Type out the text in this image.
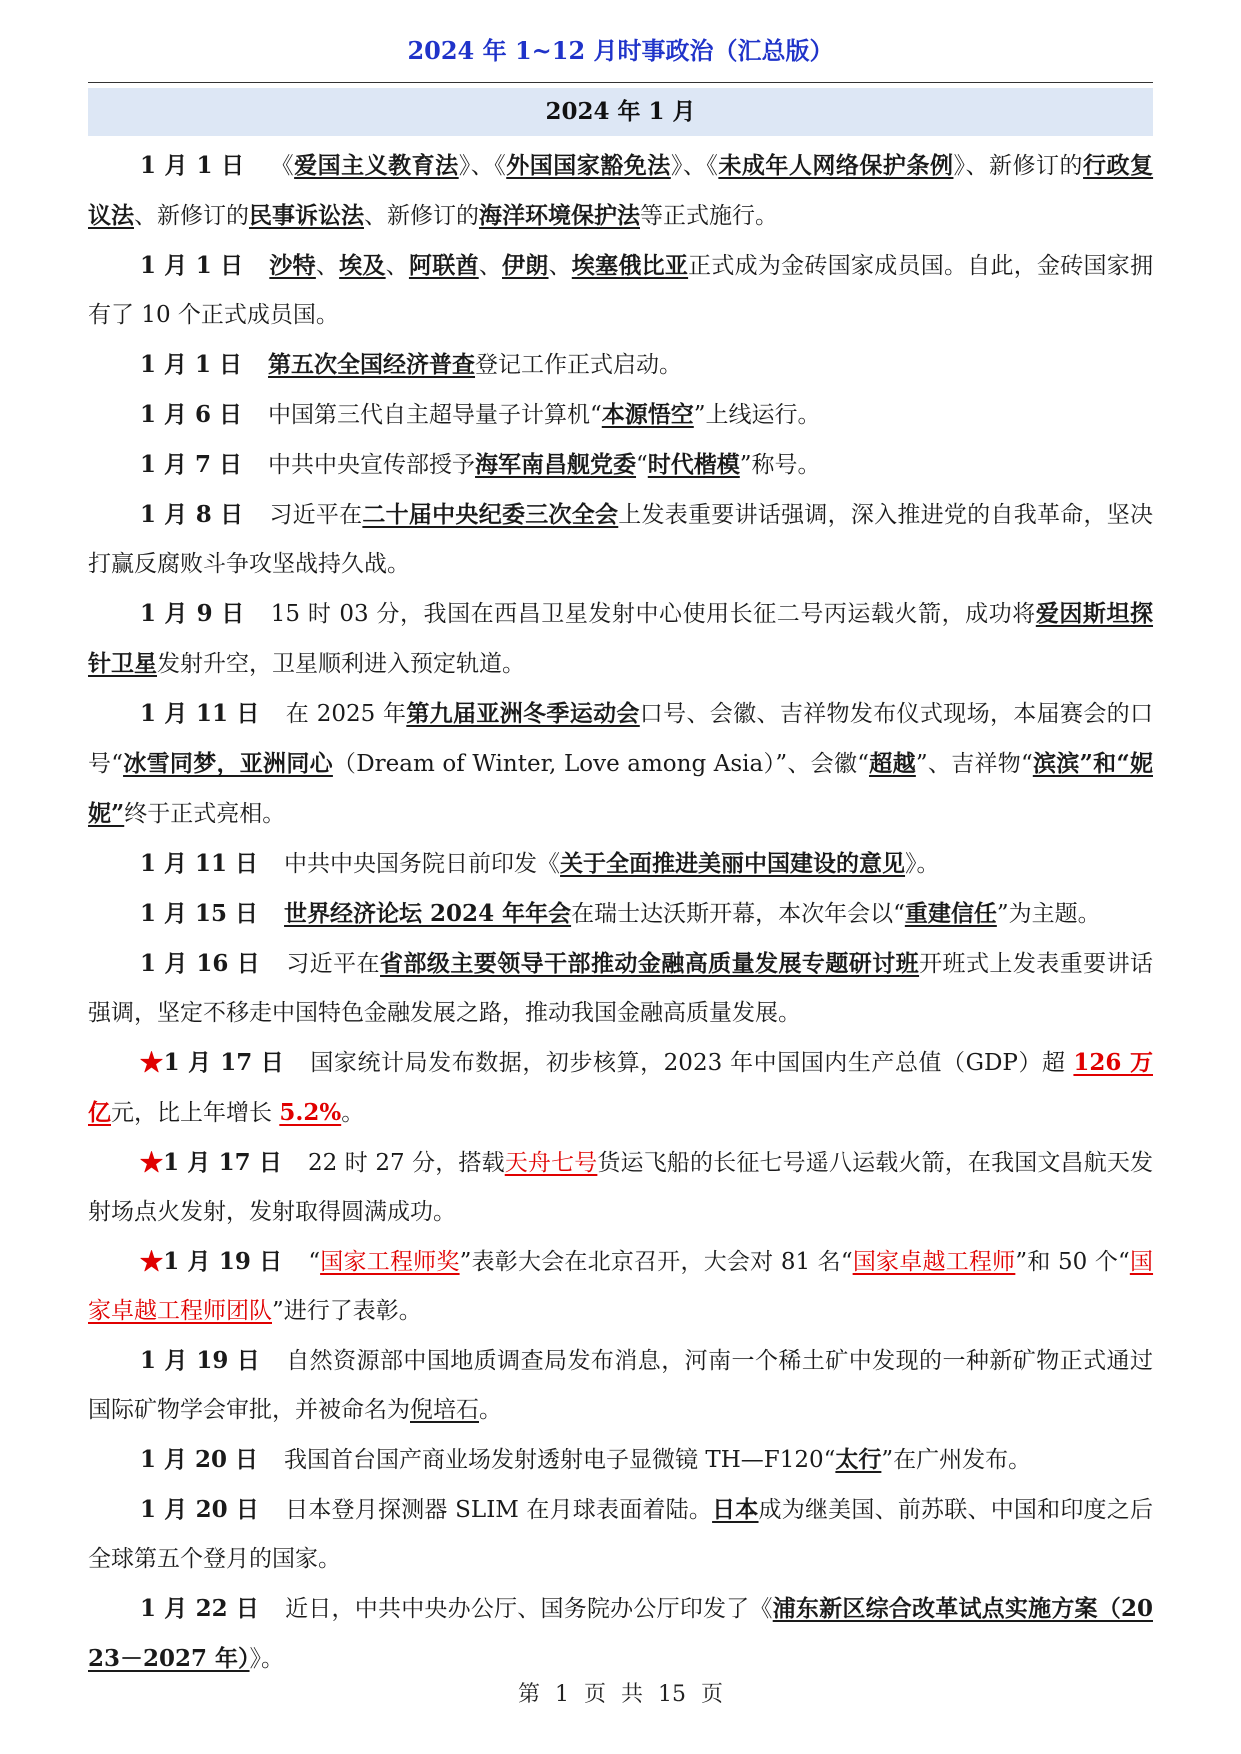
2024 年 1~12 月时事政治（汇总版）
2024 年 1 月

1 月 1 日 《爱国主义教育法》、《外国国家豁免法》、《未成年人网络保护条例》、新修订的行政复议法、新修订的民事诉讼法、新修订的海洋环境保护法等正式施行。

1 月 1 日 沙特、埃及、阿联酋、伊朗、埃塞俄比亚正式成为金砖国家成员国。自此，金砖国家拥有了 10 个正式成员国。

1 月 1 日 第五次全国经济普查登记工作正式启动。

1 月 6 日 中国第三代自主超导量子计算机“本源悟空”上线运行。

1 月 7 日 中共中央宣传部授予海军南昌舰党委“时代楷模”称号。

1 月 8 日 习近平在二十届中央纪委三次全会上发表重要讲话强调，深入推进党的自我革命，坚决打赢反腐败斗争攻坚战持久战。

1 月 9 日 15 时 03 分，我国在西昌卫星发射中心使用长征二号丙运载火箭，成功将爱因斯坦探针卫星发射升空，卫星顺利进入预定轨道。

1 月 11 日 在 2025 年第九届亚洲冬季运动会口号、会徽、吉祥物发布仪式现场，本届赛会的口号“冰雪同梦，亚洲同心（Dream of Winter, Love among Asia）”、会徽“超越”、吉祥物“滨滨”和“妮妮”终于正式亮相。

1 月 11 日 中共中央国务院日前印发《关于全面推进美丽中国建设的意见》。

1 月 15 日 世界经济论坛 2024 年年会在瑞士达沃斯开幕，本次年会以“重建信任”为主题。

1 月 16 日 习近平在省部级主要领导干部推动金融高质量发展专题研讨班开班式上发表重要讲话强调，坚定不移走中国特色金融发展之路，推动我国金融高质量发展。

★1 月 17 日 国家统计局发布数据，初步核算，2023 年中国国内生产总值（GDP）超 126 万亿元，比上年增长 5.2%。

★1 月 17 日 22 时 27 分，搭载天舟七号货运飞船的长征七号遥八运载火箭，在我国文昌航天发射场点火发射，发射取得圆满成功。

★1 月 19 日 “国家工程师奖”表彰大会在北京召开，大会对 81 名“国家卓越工程师”和 50 个“国家卓越工程师团队”进行了表彰。

1 月 19 日 自然资源部中国地质调查局发布消息，河南一个稀土矿中发现的一种新矿物正式通过国际矿物学会审批，并被命名为倪培石。

1 月 20 日 我国首台国产商业场发射透射电子显微镜 TH—F120“太行”在广州发布。

1 月 20 日 日本登月探测器 SLIM 在月球表面着陆。日本成为继美国、前苏联、中国和印度之后全球第五个登月的国家。

1 月 22 日 近日，中共中央办公厅、国务院办公厅印发了《浦东新区综合改革试点实施方案（2023－2027 年）》。

第 1 页 共 15 页
